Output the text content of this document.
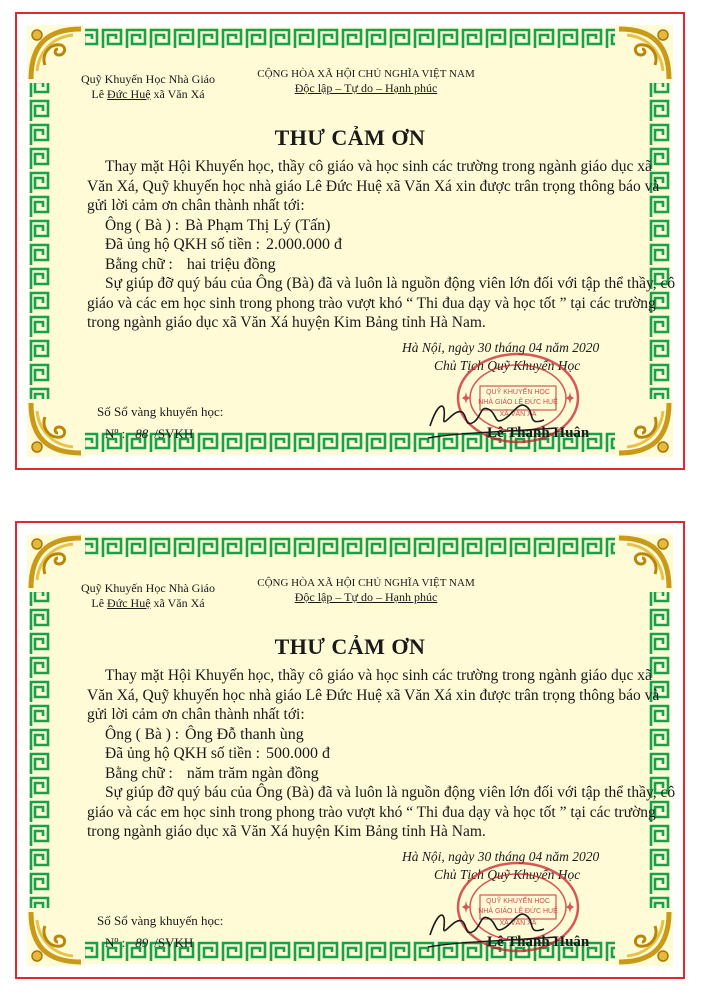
Quỹ Khuyến Học Nhà Giáo
Lê Đức Huệ xã Văn Xá
CỘNG HÒA XÃ HỘI CHỦ NGHĨA VIỆT NAM
Độc lập – Tự do – Hạnh phúc
THƯ CẢM ƠN

Thay mặt Hội Khuyến học, thầy cô giáo và học sinh các trường trong ngành giáo dục xã Văn Xá, Quỹ khuyến học nhà giáo Lê Đức Huệ xã Văn Xá xin được trân trọng thông báo và gửi lời cảm ơn chân thành nhất tới:

Ông ( Bà ) : Bà Phạm Thị Lý (Tấn)

Đã ủng hộ QKH số tiền : 2.000.000 đ

Bằng chữ : hai triệu đồng

Sự giúp đỡ quý báu của Ông (Bà) đã và luôn là nguồn động viên lớn đối với tập thể thầy, cô giáo và các em học sinh trong phong trào vượt khó “ Thi đua dạy và học tốt ” tại các trường trong ngành giáo dục xã Văn Xá huyện Kim Bảng tỉnh Hà Nam.

Hà Nội, ngày 30 tháng 04 năm 2020
Chủ Tịch Quỹ Khuyến Học
QUỸ KHUYẾN HỌC
NHÀ GIÁO LÊ ĐỨC HUỆ
XÃ VĂN XÁ
Lê Thanh Huân
Số Sổ vàng khuyến học:
Nº : 88 /SVKH
Quỹ Khuyến Học Nhà Giáo
Lê Đức Huệ xã Văn Xá
CỘNG HÒA XÃ HỘI CHỦ NGHĨA VIỆT NAM
Độc lập – Tự do – Hạnh phúc
THƯ CẢM ƠN

Thay mặt Hội Khuyến học, thầy cô giáo và học sinh các trường trong ngành giáo dục xã Văn Xá, Quỹ khuyến học nhà giáo Lê Đức Huệ xã Văn Xá xin được trân trọng thông báo và gửi lời cảm ơn chân thành nhất tới:

Ông ( Bà ) : Ông Đỗ thanh ùng

Đã ủng hộ QKH số tiền : 500.000 đ

Bằng chữ : năm trăm ngàn đồng

Sự giúp đỡ quý báu của Ông (Bà) đã và luôn là nguồn động viên lớn đối với tập thể thầy, cô giáo và các em học sinh trong phong trào vượt khó “ Thi đua dạy và học tốt ” tại các trường trong ngành giáo dục xã Văn Xá huyện Kim Bảng tỉnh Hà Nam.

Hà Nội, ngày 30 tháng 04 năm 2020
Chủ Tịch Quỹ Khuyến Học
QUỸ KHUYẾN HỌC
NHÀ GIÁO LÊ ĐỨC HUỆ
XÃ VĂN XÁ
Lê Thanh Huân
Số Sổ vàng khuyến học:
Nº : 89 /SVKH
